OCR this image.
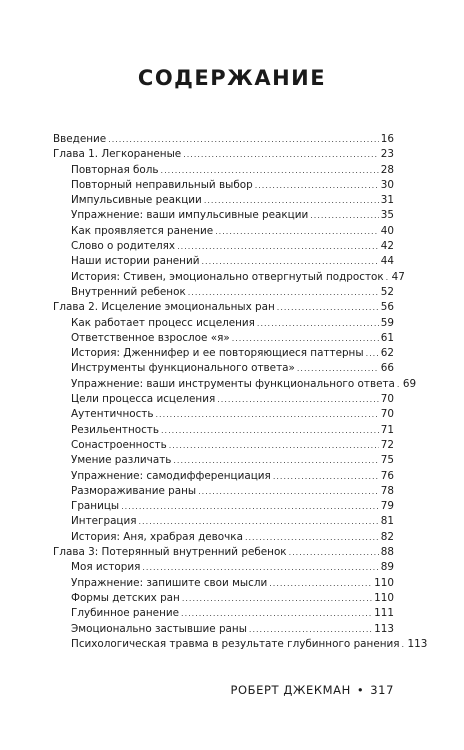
СОДЕРЖАНИЕ
Введение .....	16
Глава 1. Легкораненые .....	23
Повторная боль .....	28
Повторный неправильный выбор .....	30
Импульсивные реакции .....	31
Упражнение: ваши импульсивные реакции .....	35
Как проявляется ранение .....	40
Слово о родителях .....	42
Наши истории ранений .....	44
История: Стивен, эмоционально отвергнутый подросток ..... 47
Внутренний ребенок .....	52
Глава 2. Исцеление эмоциональных ран .....	56
Как работает процесс исцеления .....	59
Ответственное взрослое «я» .....	61
История: Дженнифер и ее повторяющиеся паттерны ..... 62
Инструменты функционального ответа» .....	66
Упражнение: ваши инструменты функционального ответа ..... 69
Цели процесса исцеления .....	70
Аутентичность .....	70
Резильентность .....	71
Сонастроенность .....	72
Умение различать .....	75
Упражнение: самодифференциация .....	76
Размораживание раны .....	78
Границы .....	79
Интеграция .....	81
История: Аня, храбрая девочка .....	82
Глава 3: Потерянный внутренний ребенок .....	88
Моя история .....	89
Упражнение: запишите свои мысли .....	110
Формы детских ран .....	110
Глубинное ранение .....	111
Эмоционально застывшие раны .....	113
Психологическая травма в результате глубинного ранения ..... 113
РОБЕРТ ДЖЕКМАН • 317
